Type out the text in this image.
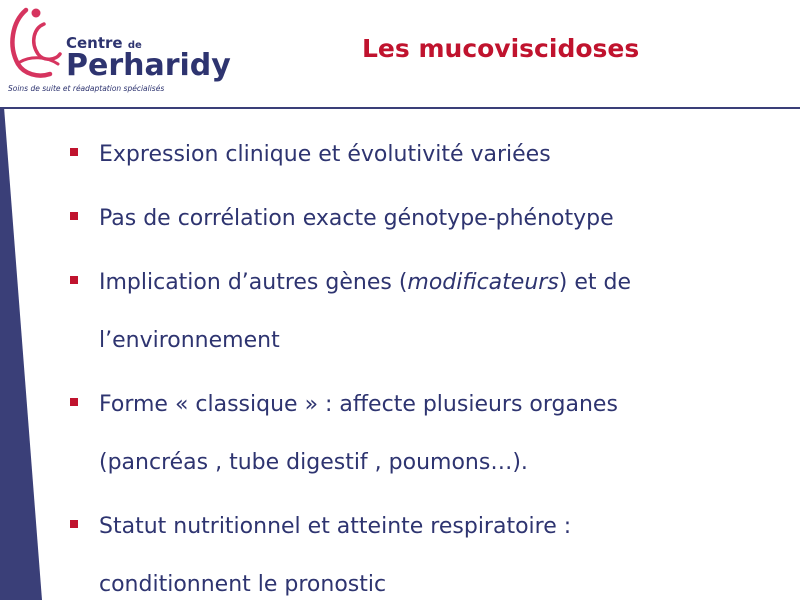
Centre de
Perharidy
Soins de suite et réadaptation spécialisés
Les mucoviscidoses
Expression clinique et évolutivité variées
Pas de corrélation exacte génotype-phénotype
Implication d’autres gènes (modificateurs) et de
l’environnement
Forme « classique » : affecte plusieurs organes
(pancréas , tube digestif , poumons…).
Statut nutritionnel et atteinte respiratoire :
conditionnent le pronostic
